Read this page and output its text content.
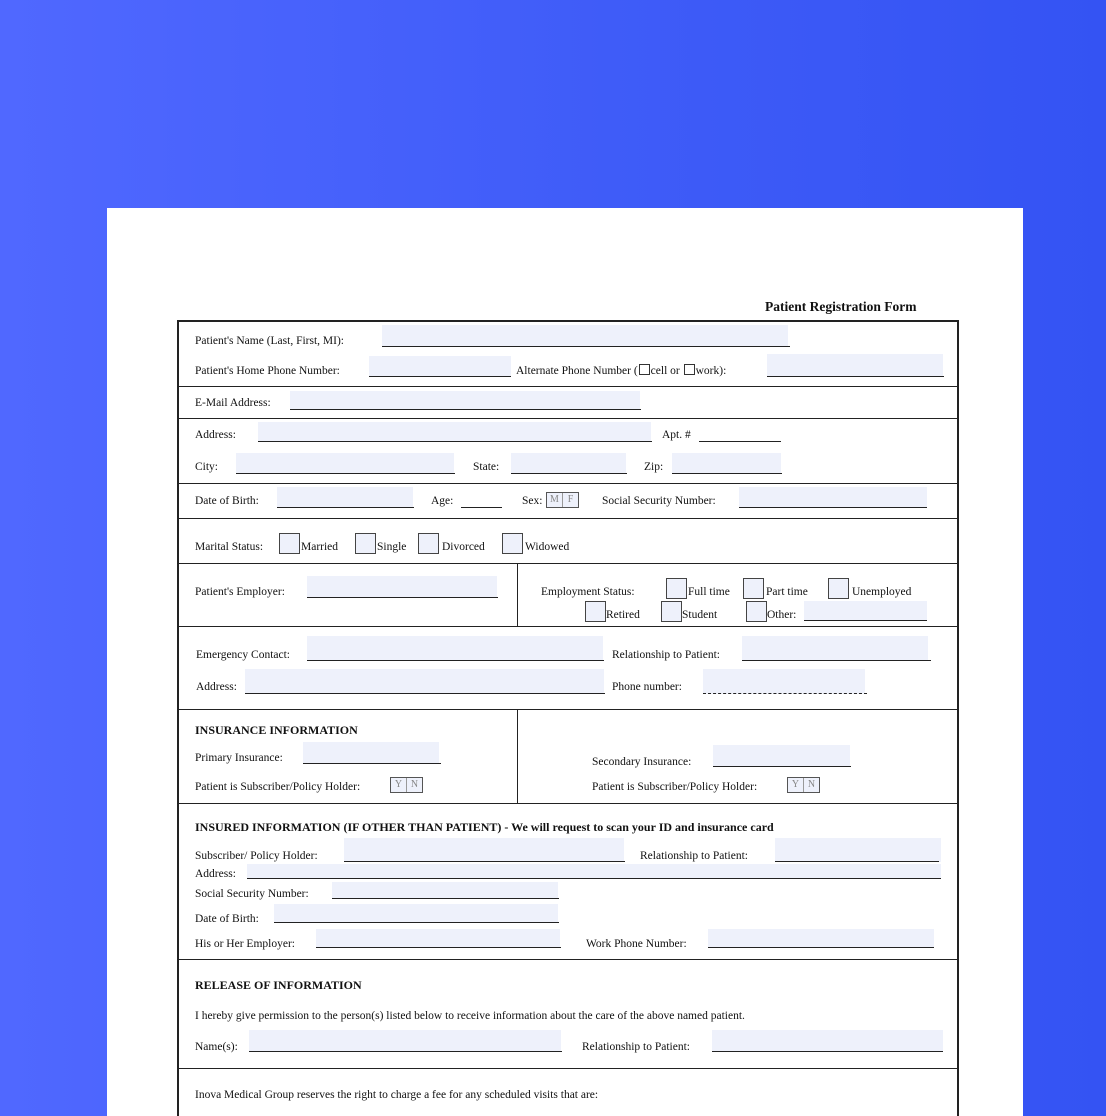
Patient Registration Form
Patient's Name (Last, First, MI):
Patient's Home Phone Number:	Alternate Phone Number ( cell or work):
E-Mail Address:
Address:	Apt. #
City:	State:	Zip:
Date of Birth:	Age:	Sex: M F	Social Security Number:
Marital Status:	Married	Single	Divorced	Widowed
Patient's Employer:	Employment Status:	Full time	Part time	Unemployed
Retired	Student	Other:
Emergency Contact:	Relationship to Patient:
Address:	Phone number:
INSURANCE INFORMATION
Primary Insurance:
Patient is Subscriber/Policy Holder:	Y N
Secondary Insurance:
Patient is Subscriber/Policy Holder:	Y N
INSURED INFORMATION (IF OTHER THAN PATIENT) - We will request to scan your ID and insurance card
Subscriber/ Policy Holder:	Relationship to Patient:
Address:
Social Security Number:
Date of Birth:
His or Her Employer:	Work Phone Number:
RELEASE OF INFORMATION
I hereby give permission to the person(s) listed below to receive information about the care of the above named patient.
Name(s):	Relationship to Patient:
Inova Medical Group reserves the right to charge a fee for any scheduled visits that are:
